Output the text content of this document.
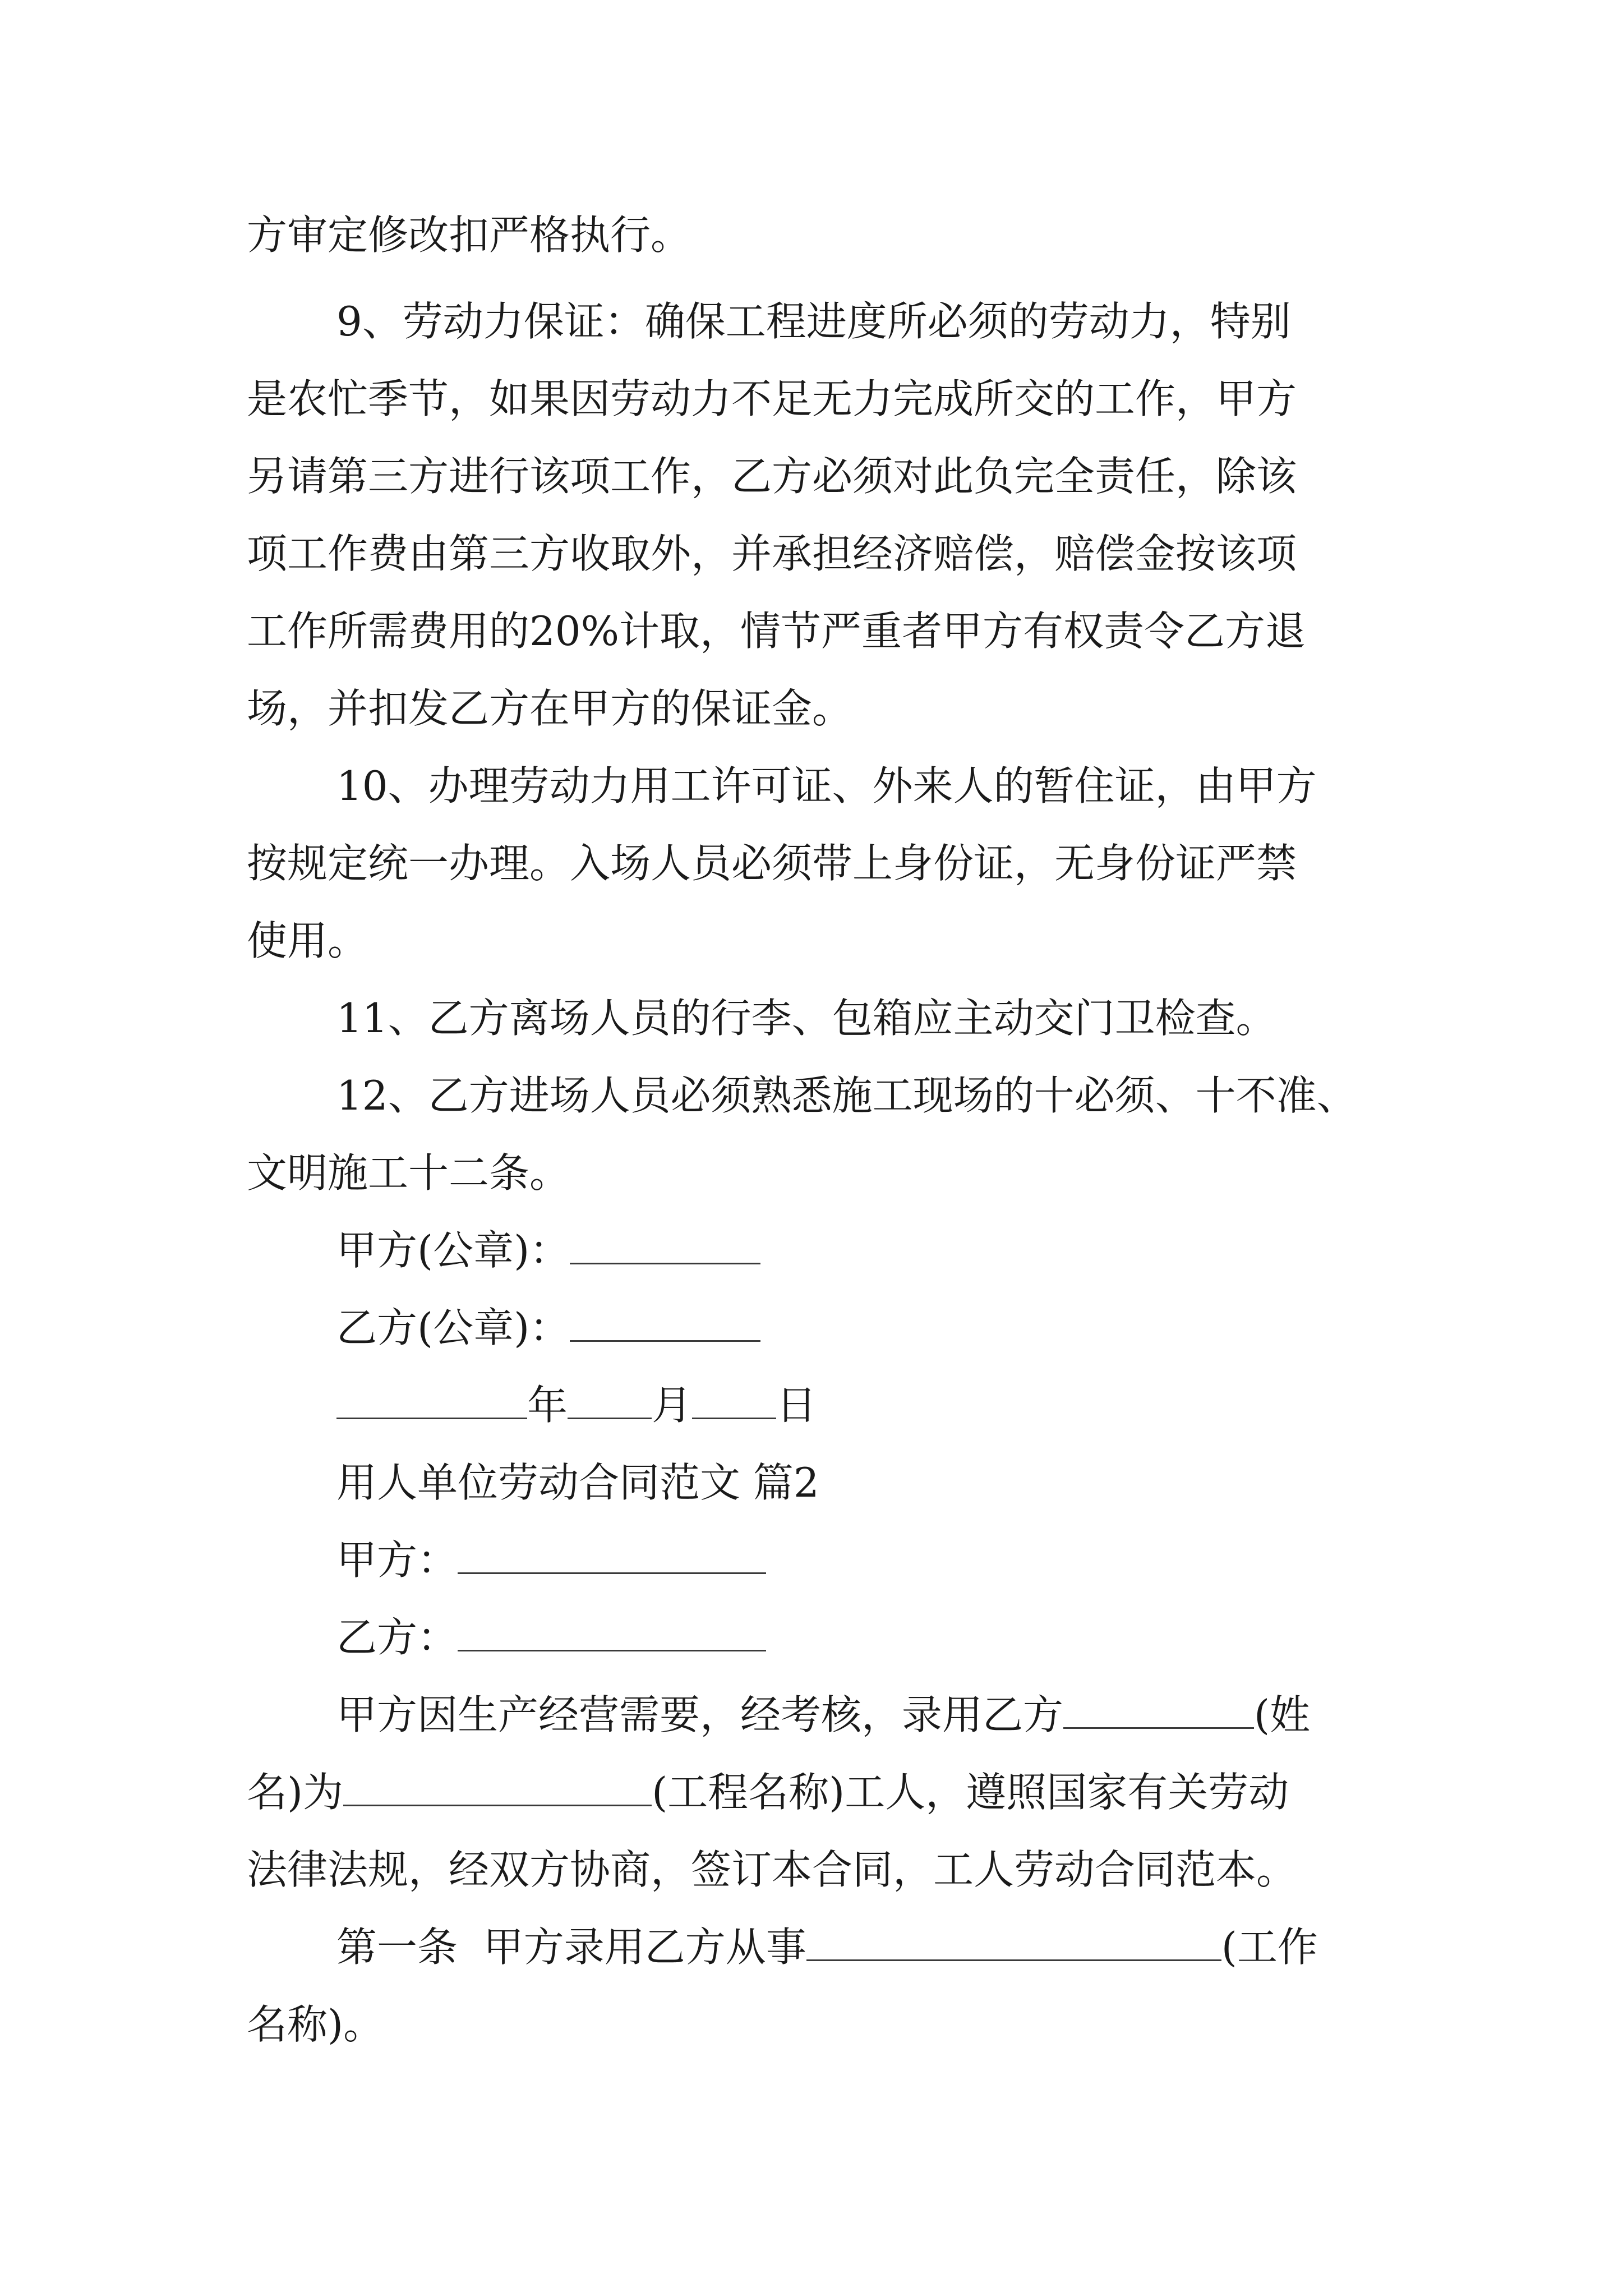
方审定修改扣严格执行。
9、劳动力保证：确保工程进度所必须的劳动力，特别
是农忙季节，如果因劳动力不足无力完成所交的工作，甲方
另请第三方进行该项工作，乙方必须对此负完全责任，除该
项工作费由第三方收取外，并承担经济赔偿，赔偿金按该项
工作所需费用的20%计取，情节严重者甲方有权责令乙方退
场，并扣发乙方在甲方的保证金。
10、办理劳动力用工许可证、外来人的暂住证，由甲方
按规定统一办理。入场人员必须带上身份证，无身份证严禁
使用。
11、乙方离场人员的行李、包箱应主动交门卫检查。
12、乙方进场人员必须熟悉施工现场的十必须、十不准、
文明施工十二条。
甲方(公章)：
乙方(公章)：
年 月 日
用人单位劳动合同范文 篇2
甲方：
乙方：
甲方因生产经营需要，经考核，录用乙方	(姓
名)为	(工程名称)工人，遵照国家有关劳动
法律法规，经双方协商，签订本合同，工人劳动合同范本。
第一条  甲方录用乙方从事	(工作
名称)。
